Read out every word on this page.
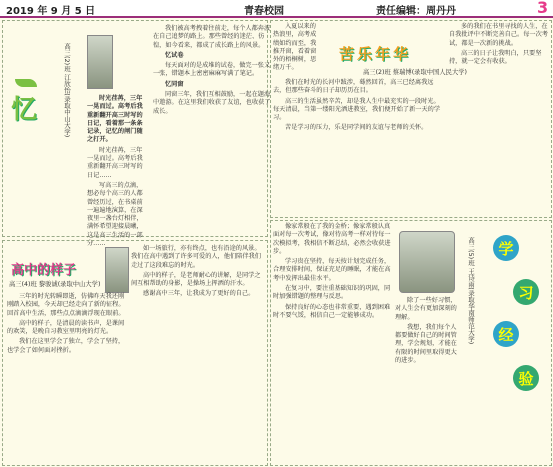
2019 年 9 月 5 日	青春校园	责任编辑：周丹丹	3
忆	高三(2)班 江欣怡(录取中山大学)	时光荏苒，三年一晃而过。高考后我重新翻开高三时写的日记，看着那一条条记录，记忆的闸门随之打开。

时光荏苒，三年一晃而过。高考后我重新翻开高三时写的日记……

写高三的点滴，想必每个高三的人都曾经历过，在书桌前一遍遍地演算，在深夜里一盏台灯相伴，满怀希望迎接晨曦，这是高三生活的一部分……

我们被高考拽着往前走，每个人都奔波在自己追梦的路上。那些曾经的迷茫、彷徨，如今看来，都成了成长路上的风景。

忆试卷

每天面对的是成堆的试卷，做完一张又一张，错题本上密密麻麻写满了笔记。

忆同窗

同窗三年，我们互相鼓励，一起在题海中遨游。在这里我们收获了友谊，也收获了成长。

入夏以来的热浪里，高考成绩如约而至，我推开窗，看着窗外的梧桐树，思绪万千。

苦乐年华
高三(2)班 蔡瑞博(录取中国人民大学)

我们在时光的长河中跋涉，蓦然回首，高三已经离我远去，但那些奋斗的日子却历历在目。

高三的生活虽然辛苦，却是我人生中最充实的一段时光。每天清晨，当第一缕阳光洒进教室，我们便开始了新一天的学习。

苦是学习的压力，乐是同学间的友谊与老师的关怀。

多的我们在书里寻找的人生，在自我批评中不断完善自己。每一次考试，都是一次新的挑战。

高三的日子让我明白，只要坚持，就一定会有收获。

高中的样子
高三(4)班 黎骏诚(录取中山大学)

三年的时光转瞬即逝，仿佛昨天我还刚刚踏入校园，今天却已经走向了新的征程。回首高中生活，那些点点滴滴浮现在眼前。

高中的样子，是清晨的读书声，是课间的欢笑，是晚自习教室里明亮的灯光。

我们在这里学会了独立，学会了坚持，也学会了如何面对挫折。

如一场旅行，亦有终点，也有沿途的风景。我们在高中遇到了许多可爱的人，他们陪伴我们走过了这段难忘的时光。

高中的样子，是老师耐心的讲解，是同学之间互相帮助的身影，是操场上挥洒的汗水。

感谢高中三年，让我成为了更好的自己。

像家常般在了我的金桥；像家常般认真面对每一次考试，像对待高考一样对待每一次模拟考，我相信不断总结，必然会收获进步。

学习贵在坚持，每天按计划完成任务，合理安排时间，保证充足的睡眠，才能在高考中发挥出最佳水平。

在复习中，要注重基础知识的巩固，同时加强错题的整理与反思。

保持良好的心态也非常重要，遇到困难时不要气馁，相信自己一定能够成功。

除了一些好习惯，对人生会有更加深刻的理解。

我想，我们每个人都要做好自己的时间管理，学会规划，才能在有限的时间里取得更大的进步。

高三(5)班 王诗雨(录取华南师范大学)	学
习
经
验
